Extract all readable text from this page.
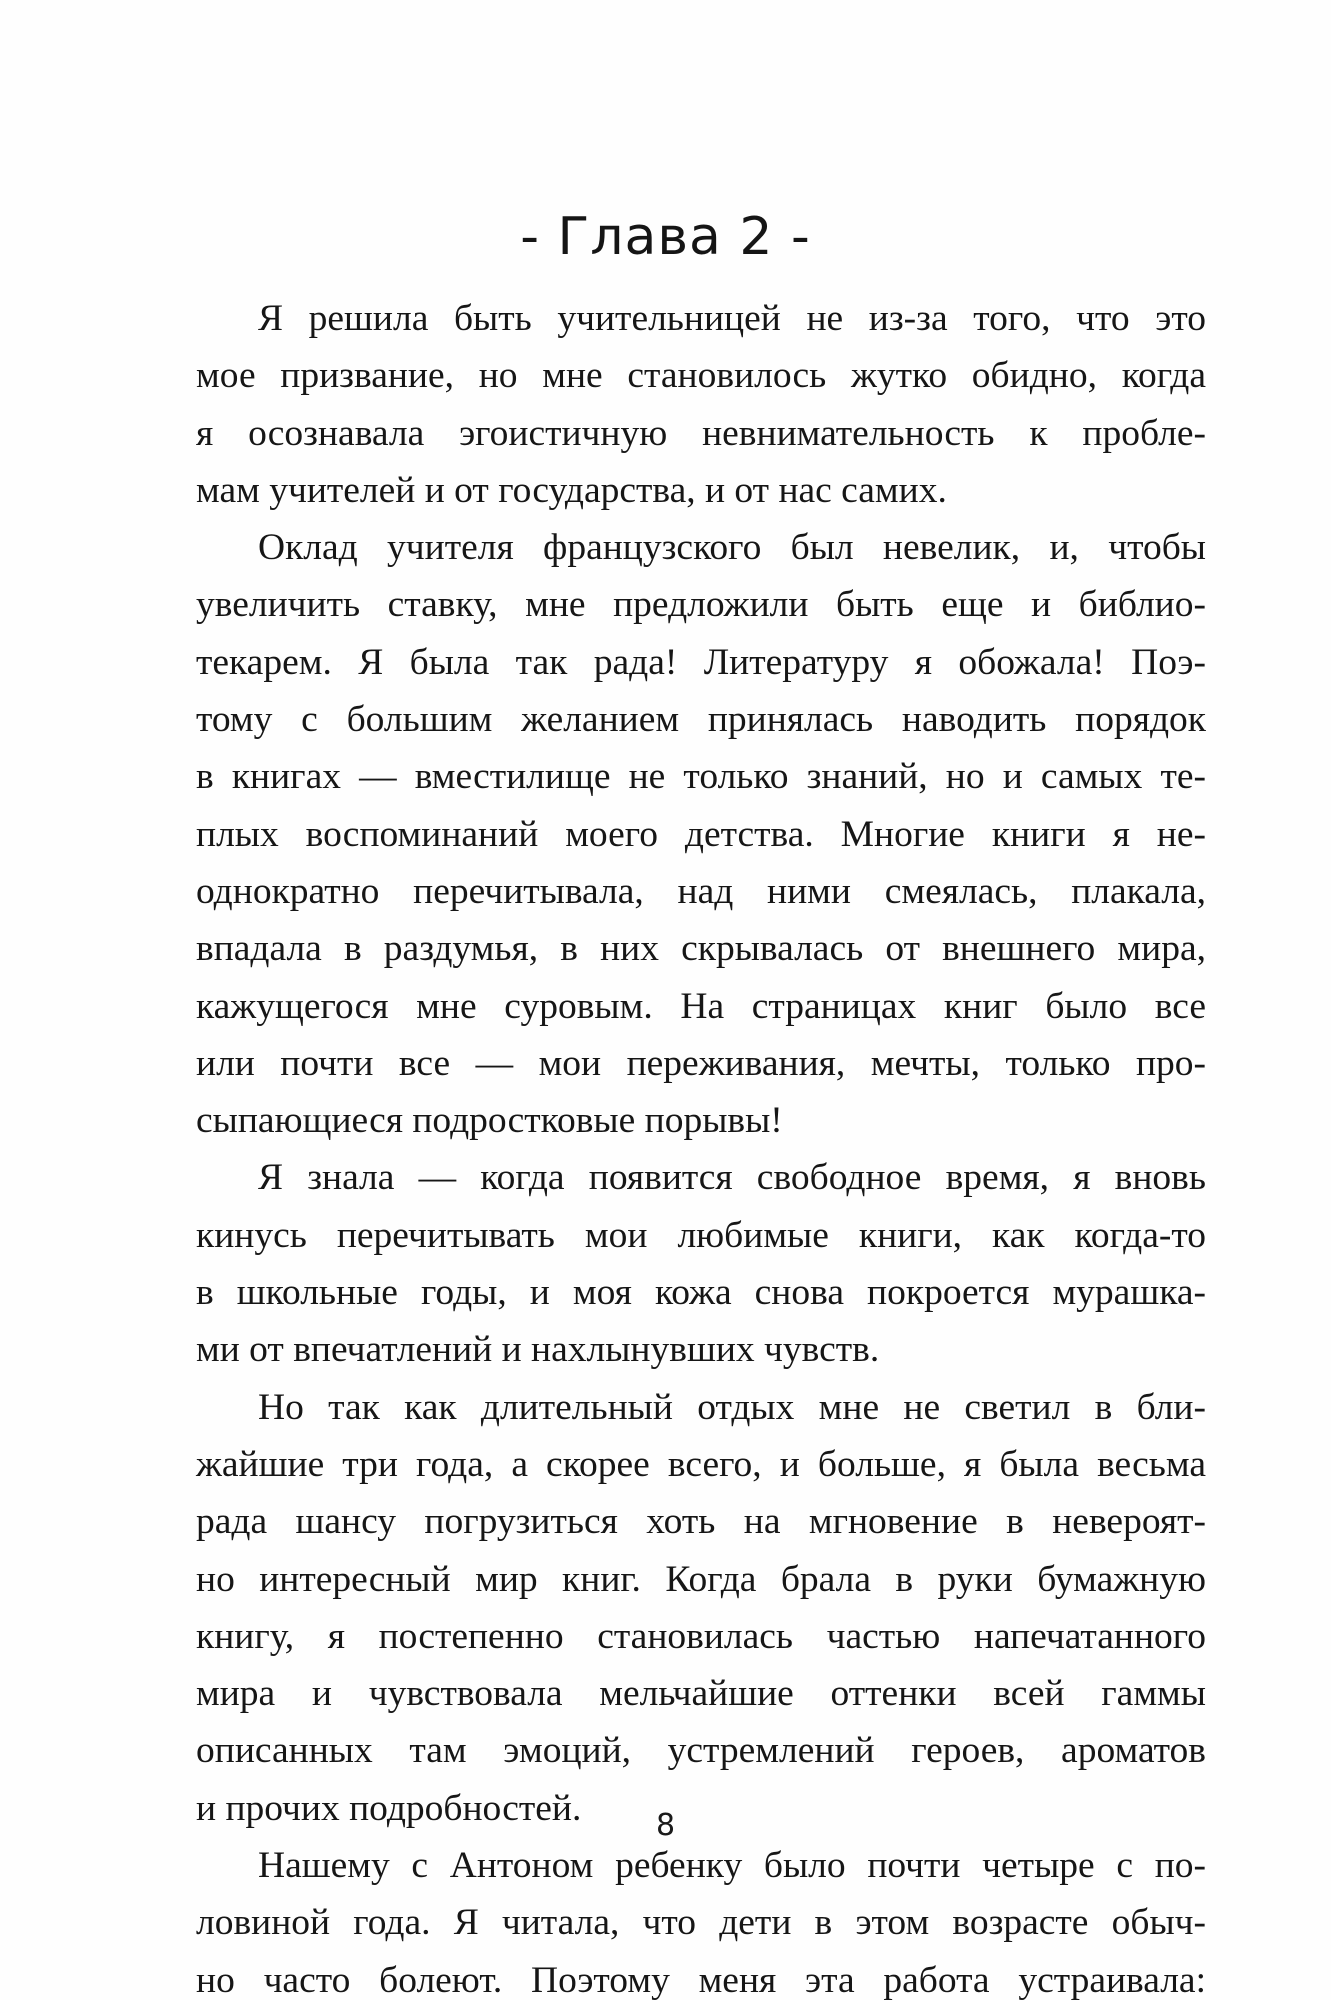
- Глава 2 -

Я решила быть учительницей не из-за того, что это
мое призвание, но мне становилось жутко обидно, когда
я осознавала эгоистичную невнимательность к пробле-
мам учителей и от государства, и от нас самих.

Оклад учителя французского был невелик, и, чтобы
увеличить ставку, мне предложили быть еще и библио-
текарем. Я была так рада! Литературу я обожала! Поэ-
тому с большим желанием принялась наводить порядок
в книгах — вместилище не только знаний, но и самых те-
плых воспоминаний моего детства. Многие книги я не-
однократно перечитывала, над ними смеялась, плакала,
впадала в раздумья, в них скрывалась от внешнего мира,
кажущегося мне суровым. На страницах книг было все
или почти все — мои переживания, мечты, только про-
сыпающиеся подростковые порывы!

Я знала — когда появится свободное время, я вновь
кинусь перечитывать мои любимые книги, как когда-то
в школьные годы, и моя кожа снова покроется мурашка-
ми от впечатлений и нахлынувших чувств.

Но так как длительный отдых мне не светил в бли-
жайшие три года, а скорее всего, и больше, я была весьма
рада шансу погрузиться хоть на мгновение в невероят-
но интересный мир книг. Когда брала в руки бумажную
книгу, я постепенно становилась частью напечатанного
мира и чувствовала мельчайшие оттенки всей гаммы
описанных там эмоций, устремлений героев, ароматов
и прочих подробностей.

Нашему с Антоном ребенку было почти четыре с по-
ловиной года. Я читала, что дети в этом возрасте обыч-
но часто болеют. Поэтому меня эта работа устраивала:

8
